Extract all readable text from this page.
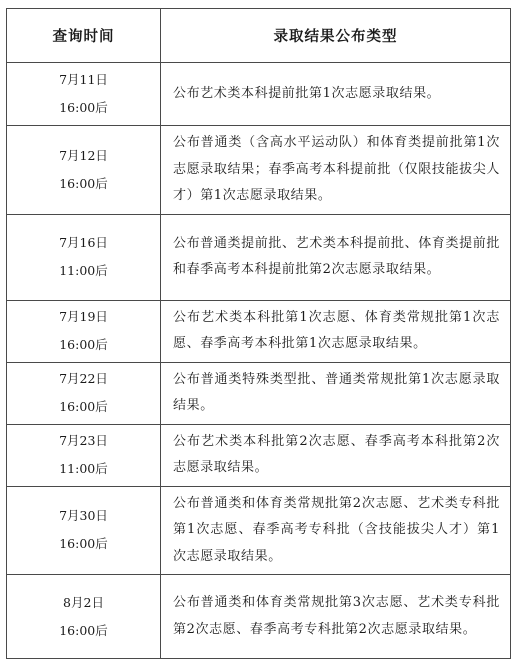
查询时间	录取结果公布类型

7月11日
16:00后	公布艺术类本科提前批第1次志愿录取结果。

7月12日
16:00后	公布普通类（含高水平运动队）和体育类提前批第1次志愿录取结果；春季高考本科提前批（仅限技能拔尖人才）第1次志愿录取结果。

7月16日
11:00后	公布普通类提前批、艺术类本科提前批、体育类提前批和春季高考本科提前批第2次志愿录取结果。

7月19日
16:00后	公布艺术类本科批第1次志愿、体育类常规批第1次志愿、春季高考本科批第1次志愿录取结果。

7月22日
16:00后	公布普通类特殊类型批、普通类常规批第1次志愿录取结果。

7月23日
11:00后	公布艺术类本科批第2次志愿、春季高考本科批第2次志愿录取结果。

7月30日
16:00后	公布普通类和体育类常规批第2次志愿、艺术类专科批第1次志愿、春季高考专科批（含技能拔尖人才）第1次志愿录取结果。

8月2日
16:00后	公布普通类和体育类常规批第3次志愿、艺术类专科批第2次志愿、春季高考专科批第2次志愿录取结果。
